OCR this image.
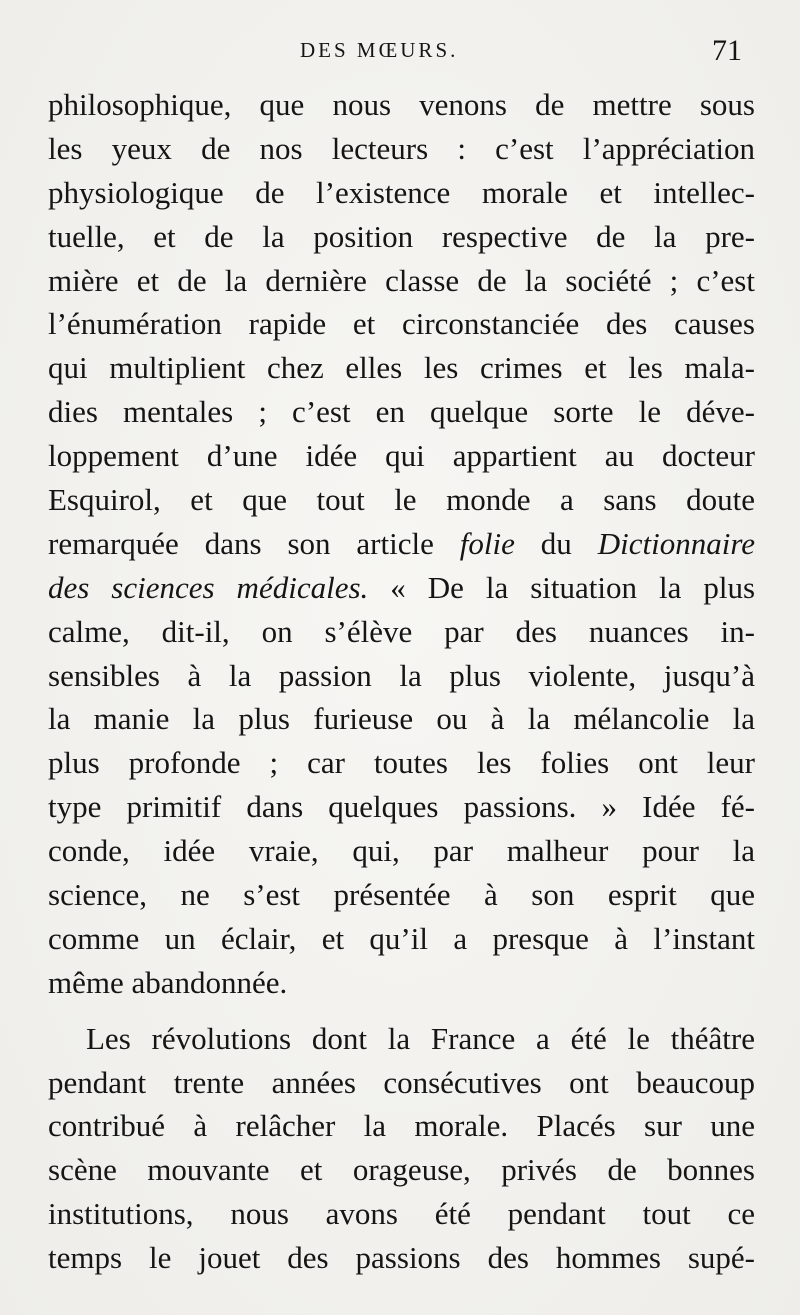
DES MŒURS.	71
philosophique, que nous venons de mettre sous
les yeux de nos lecteurs : c’est l’appréciation
physiologique de l’existence morale et intellec-
tuelle, et de la position respective de la pre-
mière et de la dernière classe de la société ; c’est
l’énumération rapide et circonstanciée des causes
qui multiplient chez elles les crimes et les mala-
dies mentales ; c’est en quelque sorte le déve-
loppement d’une idée qui appartient au docteur
Esquirol, et que tout le monde a sans doute
remarquée dans son article folie du Dictionnaire
des sciences médicales. « De la situation la plus
calme, dit-il, on s’élève par des nuances in-
sensibles à la passion la plus violente, jusqu’à
la manie la plus furieuse ou à la mélancolie la
plus profonde ; car toutes les folies ont leur
type primitif dans quelques passions. » Idée fé-
conde, idée vraie, qui, par malheur pour la
science, ne s’est présentée à son esprit que
comme un éclair, et qu’il a presque à l’instant
même abandonnée.
Les révolutions dont la France a été le théâtre
pendant trente années consécutives ont beaucoup
contribué à relâcher la morale. Placés sur une
scène mouvante et orageuse, privés de bonnes
institutions, nous avons été pendant tout ce
temps le jouet des passions des hommes supé-
